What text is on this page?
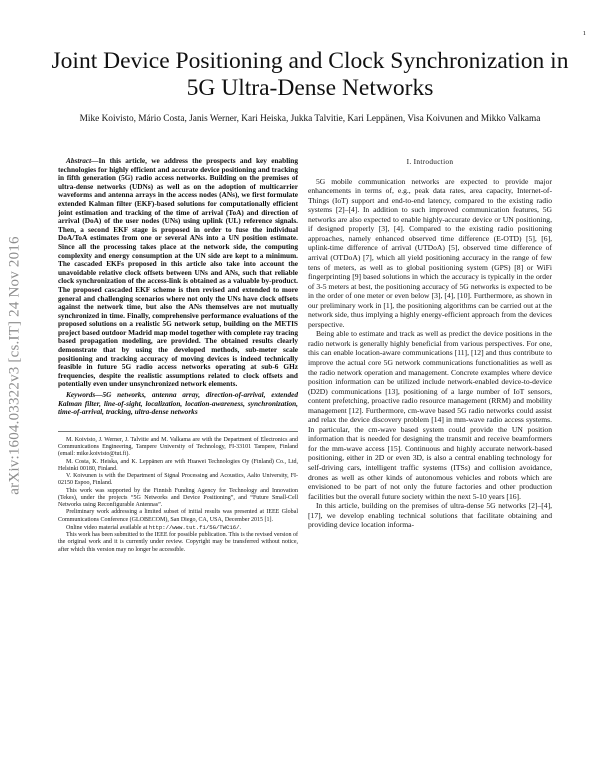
1
arXiv:1604.03322v3 [cs.IT] 24 Nov 2016
Joint Device Positioning and Clock Synchronization in 5G Ultra-Dense Networks
Mike Koivisto, Mário Costa, Janis Werner, Kari Heiska, Jukka Talvitie, Kari Leppänen, Visa Koivunen and Mikko Valkama

Abstract—In this article, we address the prospects and key enabling technologies for highly efficient and accurate device positioning and tracking in fifth generation (5G) radio access networks. Building on the premises of ultra-dense networks (UDNs) as well as on the adoption of multicarrier waveforms and antenna arrays in the access nodes (ANs), we first formulate extended Kalman filter (EKF)-based solutions for computationally efficient joint estimation and tracking of the time of arrival (ToA) and direction of arrival (DoA) of the user nodes (UNs) using uplink (UL) reference signals. Then, a second EKF stage is proposed in order to fuse the individual DoA/ToA estimates from one or several ANs into a UN position estimate. Since all the processing takes place at the network side, the computing complexity and energy consumption at the UN side are kept to a minimum. The cascaded EKFs proposed in this article also take into account the unavoidable relative clock offsets between UNs and ANs, such that reliable clock synchronization of the access-link is obtained as a valuable by-product. The proposed cascaded EKF scheme is then revised and extended to more general and challenging scenarios where not only the UNs have clock offsets against the network time, but also the ANs themselves are not mutually synchronized in time. Finally, comprehensive performance evaluations of the proposed solutions on a realistic 5G network setup, building on the METIS project based outdoor Madrid map model together with complete ray tracing based propagation modeling, are provided. The obtained results clearly demonstrate that by using the developed methods, sub-meter scale positioning and tracking accuracy of moving devices is indeed technically feasible in future 5G radio access networks operating at sub-6 GHz frequencies, despite the realistic assumptions related to clock offsets and potentially even under unsynchronized network elements.

Keywords—5G networks, antenna array, direction-of-arrival, extended Kalman filter, line-of-sight, localization, location-awareness, synchronization, time-of-arrival, tracking, ultra-dense networks

M. Koivisto, J. Werner, J. Talvitie and M. Valkama are with the Department of Electronics and Communications Engineering, Tampere University of Technology, FI-33101 Tampere, Finland (email: mike.koivisto@tut.fi).

M. Costa, K. Heiska, and K. Leppänen are with Huawei Technologies Oy (Finland) Co., Ltd, Helsinki 00180, Finland.

V. Koivunen is with the Department of Signal Processing and Acoustics, Aalto University, FI-02150 Espoo, Finland.

This work was supported by the Finnish Funding Agency for Technology and Innovation (Tekes), under the projects “5G Networks and Device Positioning”, and “Future Small-Cell Networks using Reconfigurable Antennas”.

Preliminary work addressing a limited subset of initial results was presented at IEEE Global Communications Conference (GLOBECOM), San Diego, CA, USA, December 2015 [1].

Online video material available at http://www.tut.fi/5G/TWC16/.

This work has been submitted to the IEEE for possible publication. This is the revised version of the original work and it is currently under review. Copyright may be transferred without notice, after which this version may no longer be accessible.

I. Introduction

5G mobile communication networks are expected to provide major enhancements in terms of, e.g., peak data rates, area capacity, Internet-of-Things (IoT) support and end-to-end latency, compared to the existing radio systems [2]–[4]. In addition to such improved communication features, 5G networks are also expected to enable highly-accurate device or UN positioning, if designed properly [3], [4]. Compared to the existing radio positioning approaches, namely enhanced observed time difference (E-OTD) [5], [6], uplink-time difference of arrival (UTDoA) [5], observed time difference of arrival (OTDoA) [7], which all yield positioning accuracy in the range of few tens of meters, as well as to global positioning system (GPS) [8] or WiFi fingerprinting [9] based solutions in which the accuracy is typically in the order of 3-5 meters at best, the positioning accuracy of 5G networks is expected to be in the order of one meter or even below [3], [4], [10]. Furthermore, as shown in our preliminary work in [1], the positioning algorithms can be carried out at the network side, thus implying a highly energy-efficient approach from the devices perspective.

Being able to estimate and track as well as predict the device positions in the radio network is generally highly beneficial from various perspectives. For one, this can enable location-aware communications [11], [12] and thus contribute to improve the actual core 5G network communications functionalities as well as the radio network operation and management. Concrete examples where device position information can be utilized include network-enabled device-to-device (D2D) communications [13], positioning of a large number of IoT sensors, content prefetching, proactive radio resource management (RRM) and mobility management [12]. Furthermore, cm-wave based 5G radio networks could assist and relax the device discovery problem [14] in mm-wave radio access systems. In particular, the cm-wave based system could provide the UN position information that is needed for designing the transmit and receive beamformers for the mm-wave access [15]. Continuous and highly accurate network-based positioning, either in 2D or even 3D, is also a central enabling technology for self-driving cars, intelligent traffic systems (ITSs) and collision avoidance, drones as well as other kinds of autonomous vehicles and robots which are envisioned to be part of not only the future factories and other production facilities but the overall future society within the next 5-10 years [16].

In this article, building on the premises of ultra-dense 5G networks [2]–[4], [17], we develop enabling technical solutions that facilitate obtaining and providing device location informa-
